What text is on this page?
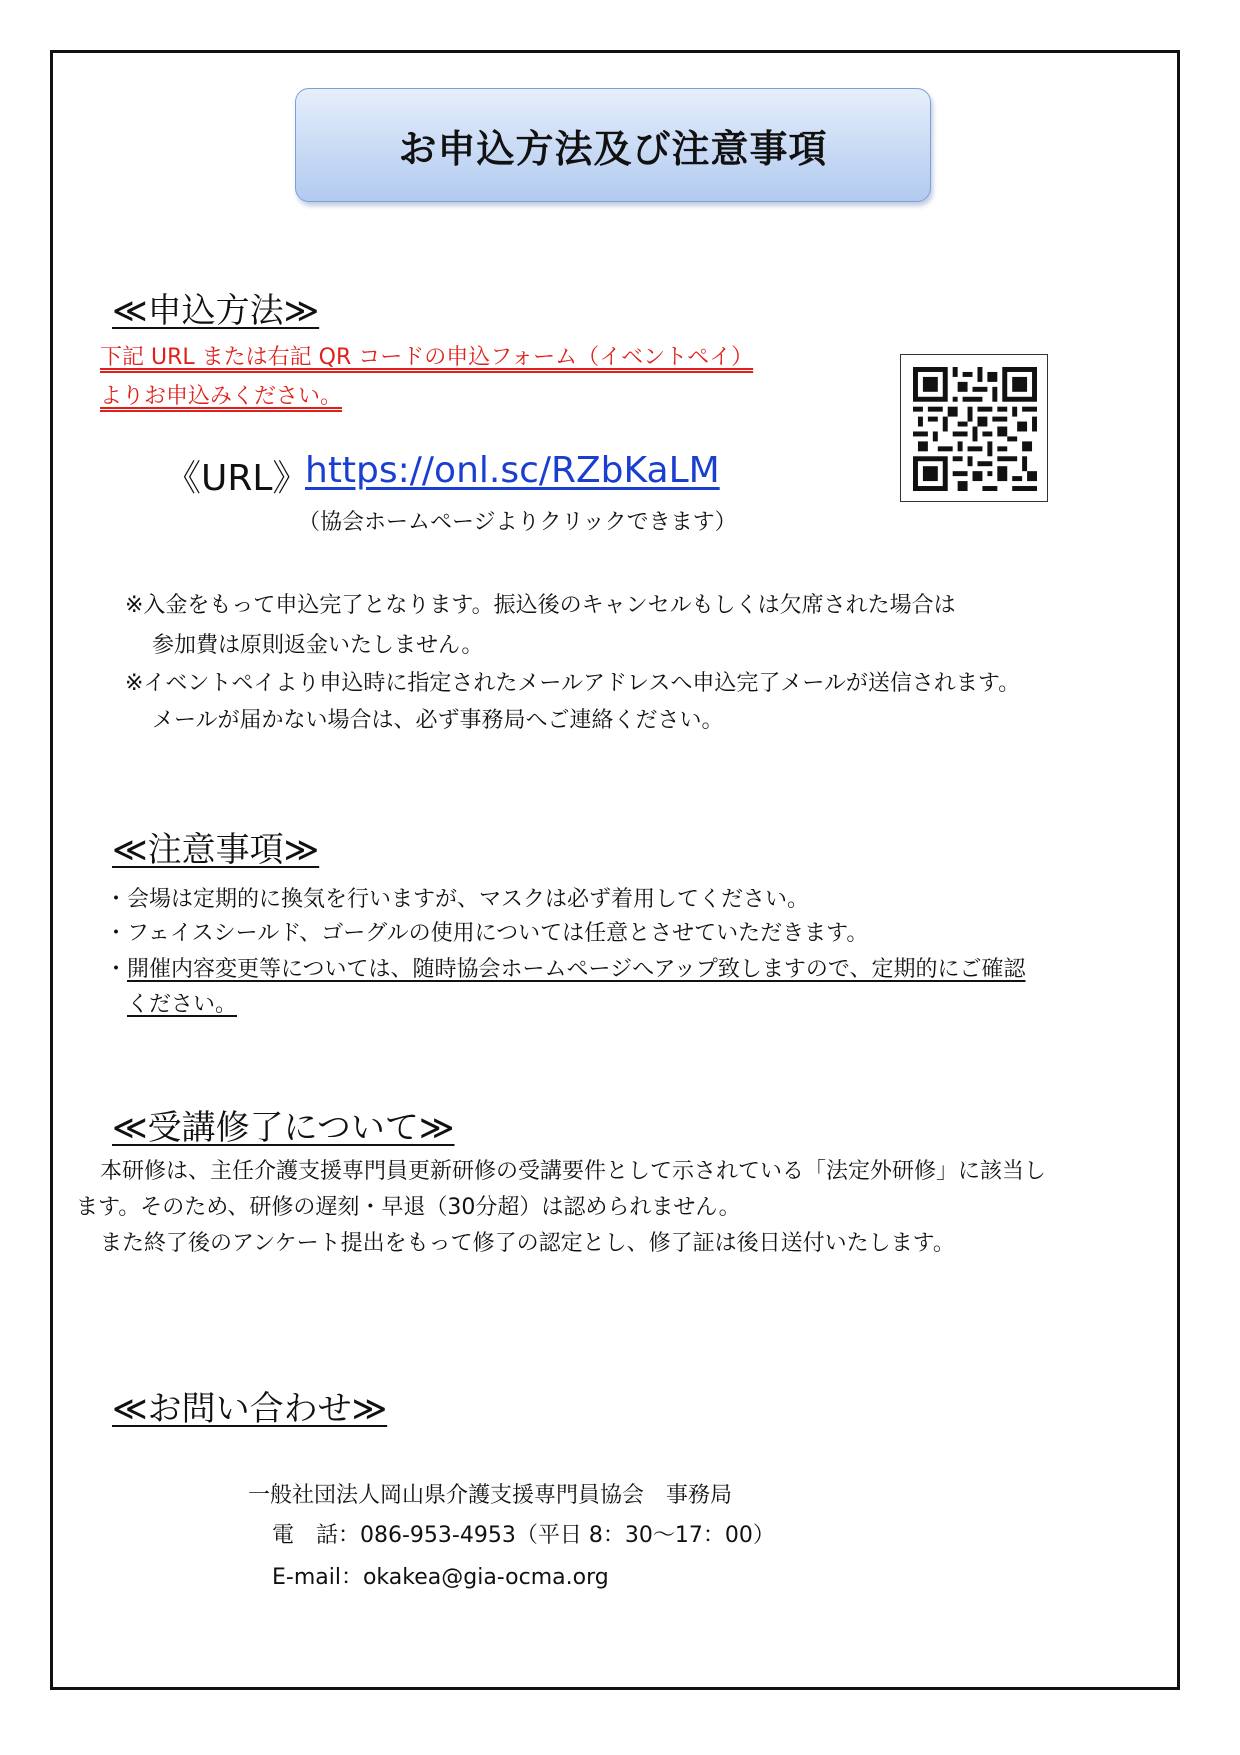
お申込方法及び注意事項
≪申込方法≫
下記 URL または右記 QR コードの申込フォーム（イベントペイ）
よりお申込みください。
《URL》
https://onl.sc/RZbKaLM
（協会ホームページよりクリックできます）
※入金をもって申込完了となります。振込後のキャンセルもしくは欠席された場合は
参加費は原則返金いたしません。
※イベントペイより申込時に指定されたメールアドレスへ申込完了メールが送信されます。
メールが届かない場合は、必ず事務局へご連絡ください。
≪注意事項≫
・会場は定期的に換気を行いますが、マスクは必ず着用してください。
・フェイスシールド、ゴーグルの使用については任意とさせていただきます。
・ 開催内容変更等については、随時協会ホームページへアップ致しますので、定期的にご確認
ください。
≪受講修了について≫
本研修は、主任介護支援専門員更新研修の受講要件として示されている「法定外研修」に該当し
ます。そのため、研修の遅刻・早退（30分超）は認められません。
また終了後のアンケート提出をもって修了の認定とし、修了証は後日送付いたします。
≪お問い合わせ≫
一般社団法人岡山県介護支援専門員協会　事務局
電　話：086-953-4953（平日 8：30～17：00）
E-mail：okakea@gia-ocma.org
